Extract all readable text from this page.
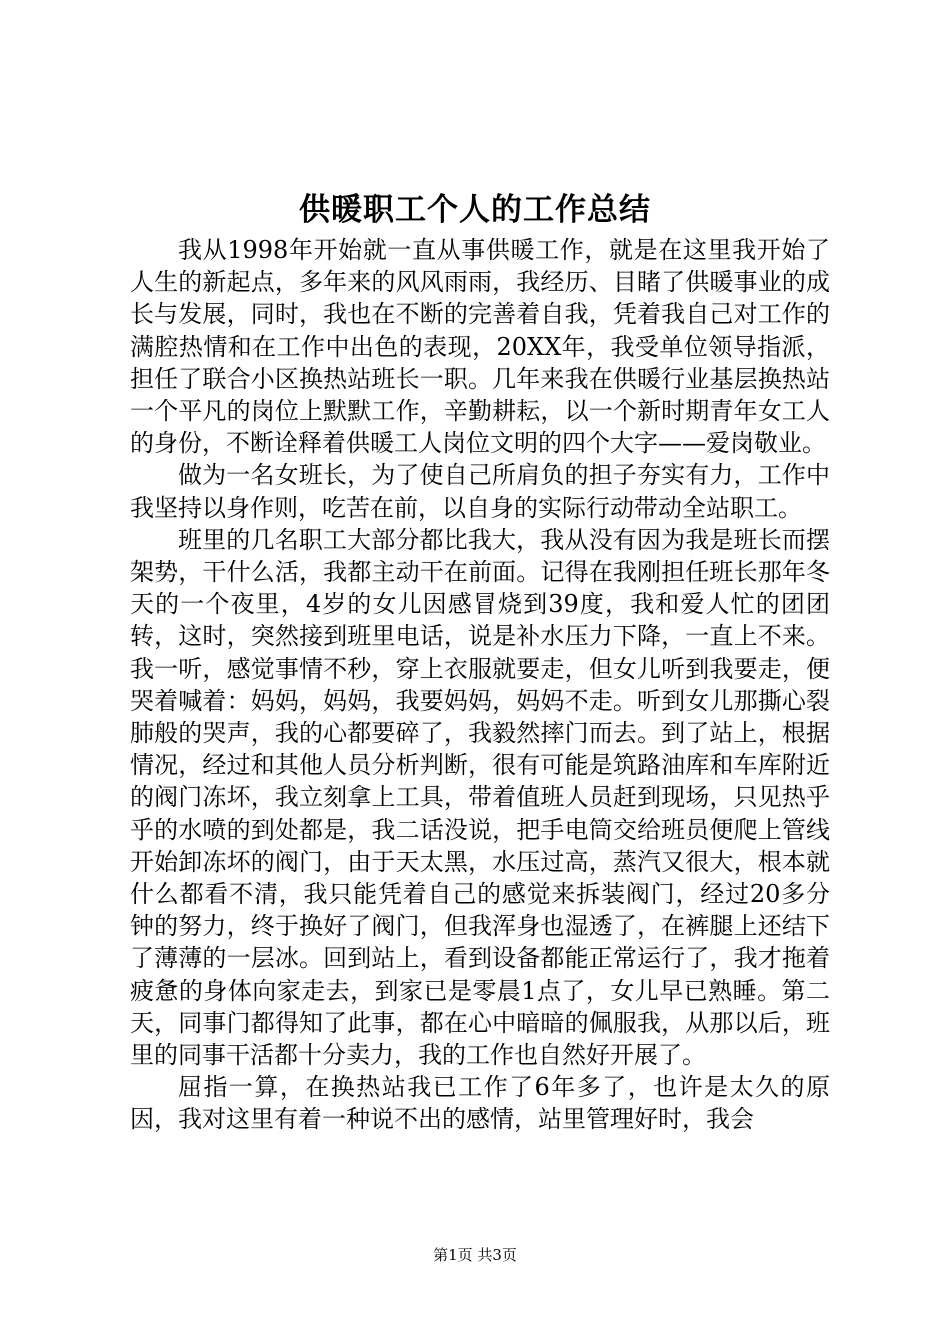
供暖职工个人的工作总结

我从1998年开始就一直从事供暖工作，就是在这里我开始了人生的新起点，多年来的风风雨雨，我经历、目睹了供暖事业的成长与发展，同时，我也在不断的完善着自我，凭着我自己对工作的满腔热情和在工作中出色的表现，20XX年，我受单位领导指派，担任了联合小区换热站班长一职。几年来我在供暖行业基层换热站一个平凡的岗位上默默工作，辛勤耕耘，以一个新时期青年女工人的身份，不断诠释着供暖工人岗位文明的四个大字——爱岗敬业。

做为一名女班长，为了使自己所肩负的担子夯实有力，工作中我坚持以身作则，吃苦在前，以自身的实际行动带动全站职工。

班里的几名职工大部分都比我大，我从没有因为我是班长而摆架势，干什么活，我都主动干在前面。记得在我刚担任班长那年冬天的一个夜里，4岁的女儿因感冒烧到39度，我和爱人忙的团团转，这时，突然接到班里电话，说是补水压力下降，一直上不来。我一听，感觉事情不秒，穿上衣服就要走，但女儿听到我要走，便哭着喊着：妈妈，妈妈，我要妈妈，妈妈不走。听到女儿那撕心裂肺般的哭声，我的心都要碎了，我毅然摔门而去。到了站上，根据情况，经过和其他人员分析判断，很有可能是筑路油库和车库附近的阀门冻坏，我立刻拿上工具，带着值班人员赶到现场，只见热乎乎的水喷的到处都是，我二话没说，把手电筒交给班员便爬上管线开始卸冻坏的阀门，由于天太黑，水压过高，蒸汽又很大，根本就什么都看不清，我只能凭着自己的感觉来拆装阀门，经过20多分钟的努力，终于换好了阀门，但我浑身也湿透了，在裤腿上还结下了薄薄的一层冰。回到站上，看到设备都能正常运行了，我才拖着疲惫的身体向家走去，到家已是零晨1点了，女儿早已熟睡。第二天，同事门都得知了此事，都在心中暗暗的佩服我，从那以后，班里的同事干活都十分卖力，我的工作也自然好开展了。

屈指一算，在换热站我已工作了6年多了，也许是太久的原因，我对这里有着一种说不出的感情，站里管理好时，我会

第1页 共3页
